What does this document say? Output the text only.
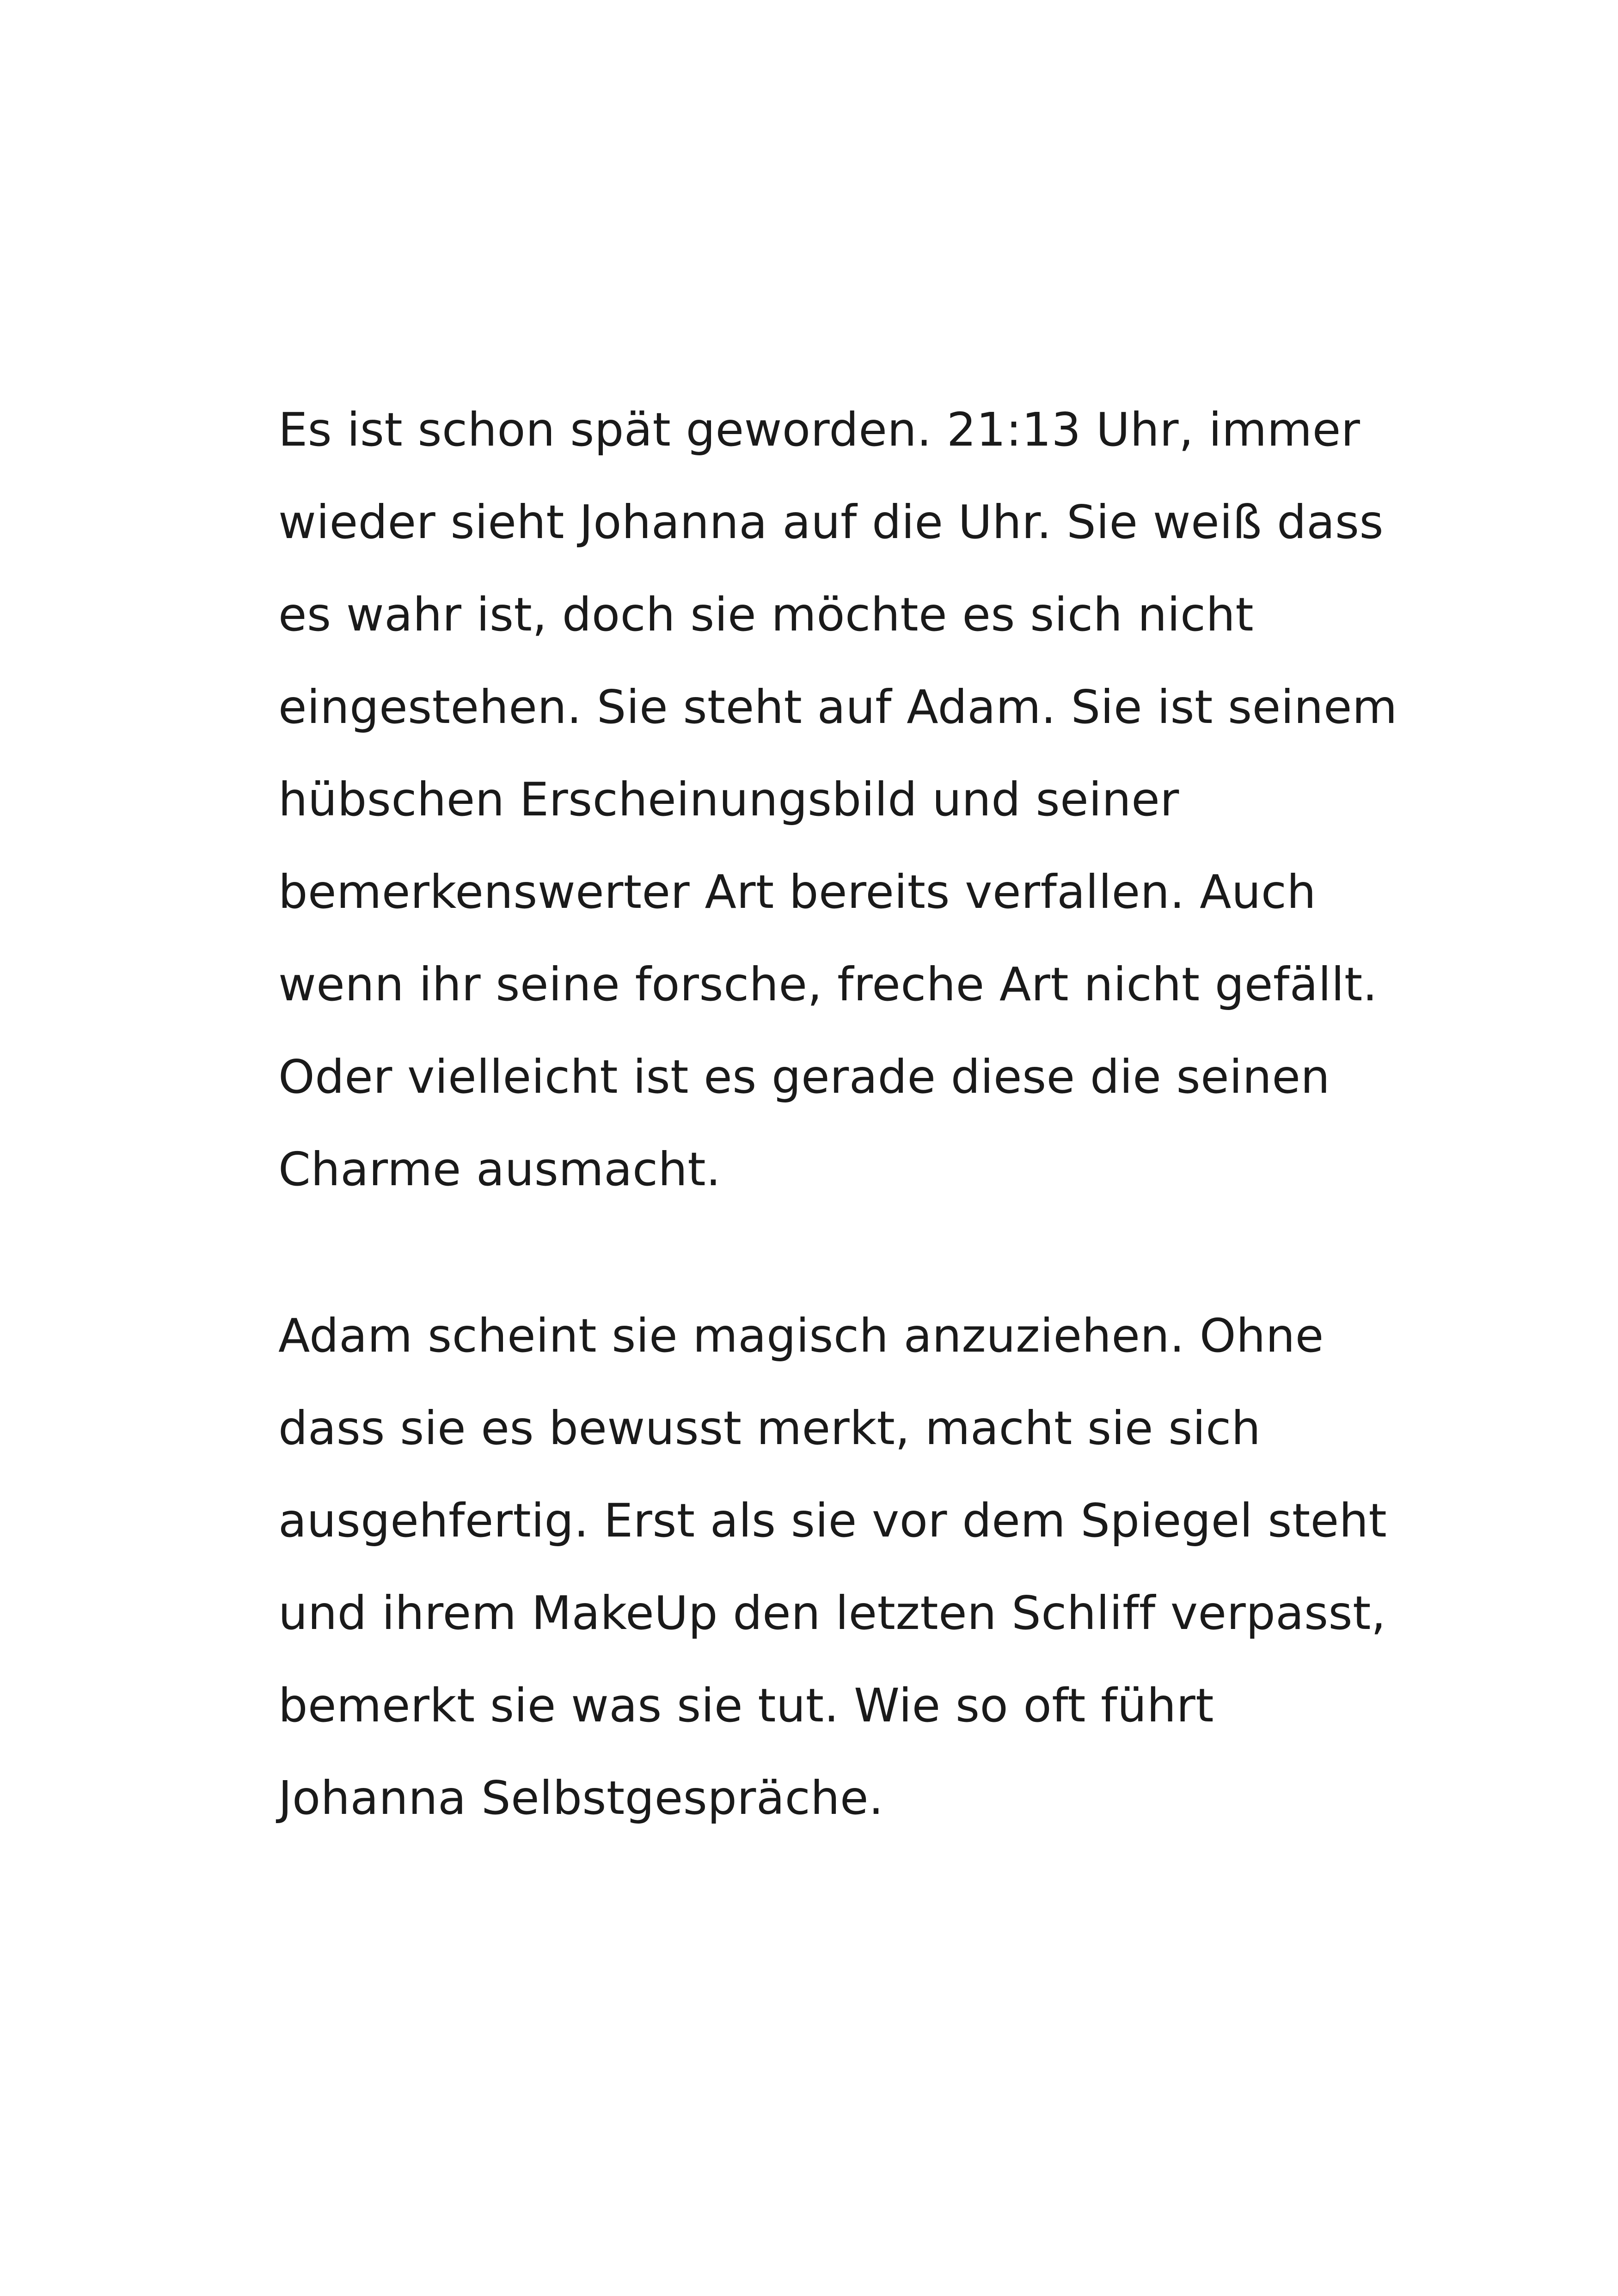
Es ist schon spät geworden. 21:13 Uhr, immer
wieder sieht Johanna auf die Uhr. Sie weiß dass
es wahr ist, doch sie möchte es sich nicht
eingestehen. Sie steht auf Adam. Sie ist seinem
hübschen Erscheinungsbild und seiner
bemerkenswerter Art bereits verfallen. Auch
wenn ihr seine forsche, freche Art nicht gefällt.
Oder vielleicht ist es gerade diese die seinen
Charme ausmacht.
Adam scheint sie magisch anzuziehen. Ohne
dass sie es bewusst merkt, macht sie sich
ausgehfertig. Erst als sie vor dem Spiegel steht
und ihrem MakeUp den letzten Schliff verpasst,
bemerkt sie was sie tut. Wie so oft führt
Johanna Selbstgespräche.
